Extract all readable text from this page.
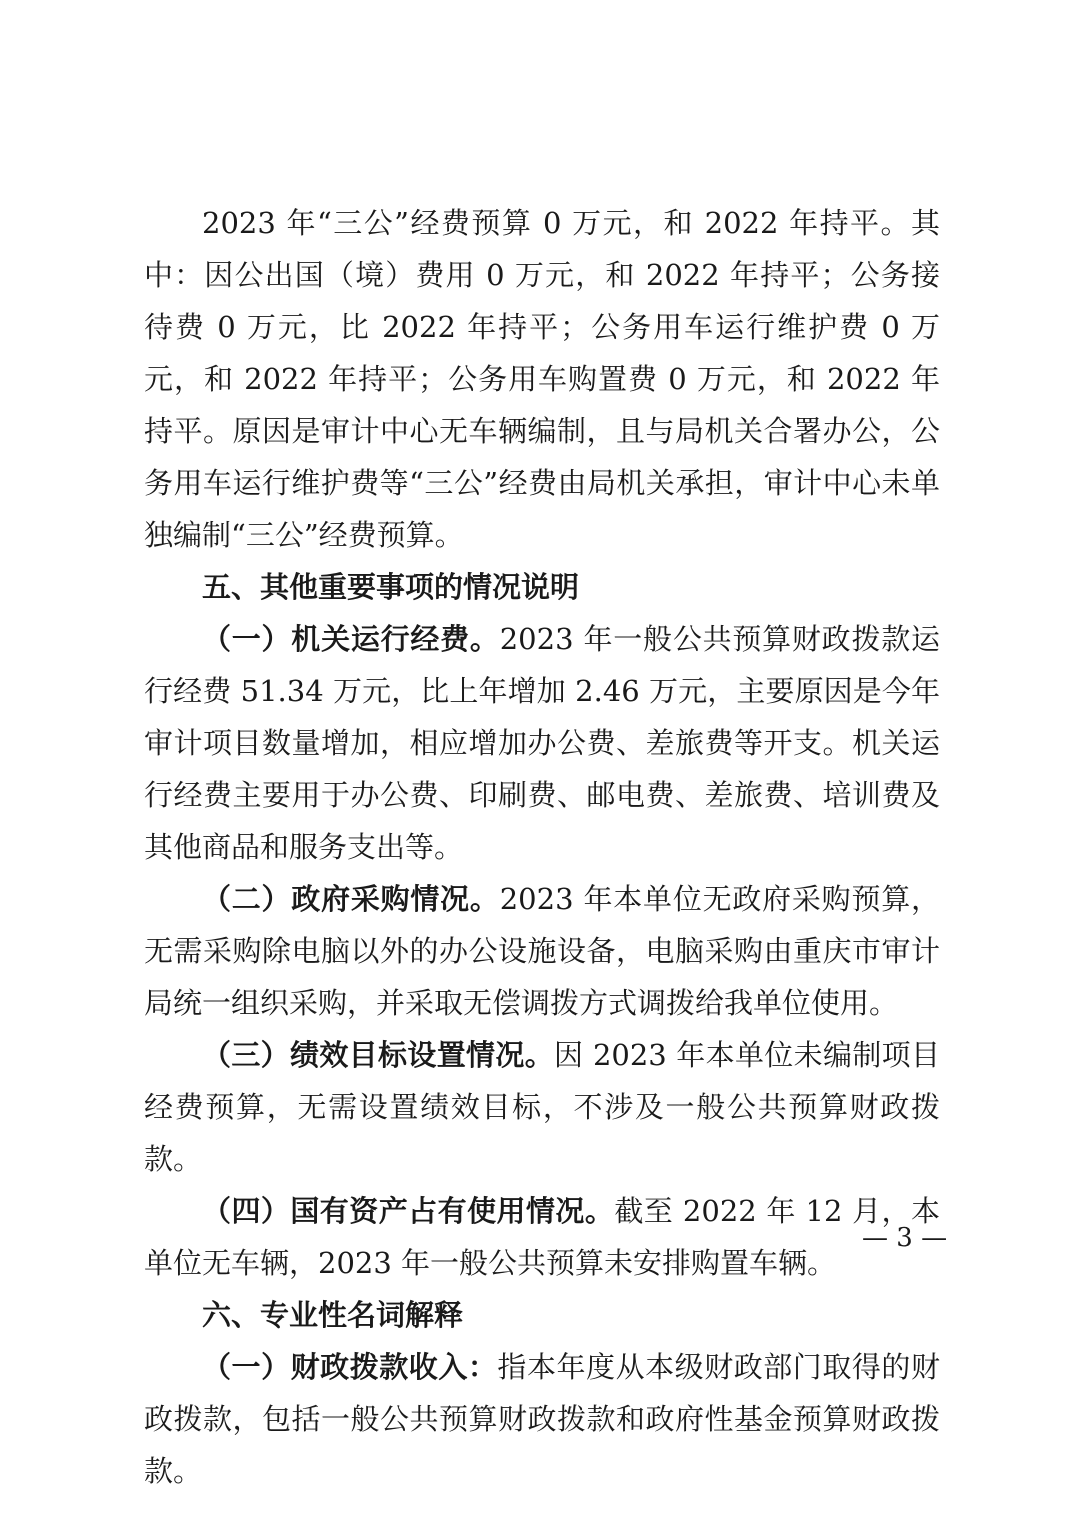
2023 年“三公”经费预算 0 万元，和 2022 年持平。其中：因公出国（境）费用 0 万元，和 2022 年持平；公务接待费 0 万元，比 2022 年持平；公务用车运行维护费 0 万元，和 2022 年持平；公务用车购置费 0 万元，和 2022 年持平。原因是审计中心无车辆编制，且与局机关合署办公，公务用车运行维护费等“三公”经费由局机关承担，审计中心未单独编制“三公”经费预算。

五、其他重要事项的情况说明

（一）机关运行经费。2023 年一般公共预算财政拨款运行经费 51.34 万元，比上年增加 2.46 万元，主要原因是今年审计项目数量增加，相应增加办公费、差旅费等开支。机关运行经费主要用于办公费、印刷费、邮电费、差旅费、培训费及其他商品和服务支出等。

（二）政府采购情况。2023 年本单位无政府采购预算，无需采购除电脑以外的办公设施设备，电脑采购由重庆市审计局统一组织采购，并采取无偿调拨方式调拨给我单位使用。

（三）绩效目标设置情况。因 2023 年本单位未编制项目经费预算，无需设置绩效目标，不涉及一般公共预算财政拨款。

（四）国有资产占有使用情况。截至 2022 年 12 月，本单位无车辆，2023 年一般公共预算未安排购置车辆。

六、专业性名词解释

（一）财政拨款收入：指本年度从本级财政部门取得的财政拨款，包括一般公共预算财政拨款和政府性基金预算财政拨款。

— 3 —
